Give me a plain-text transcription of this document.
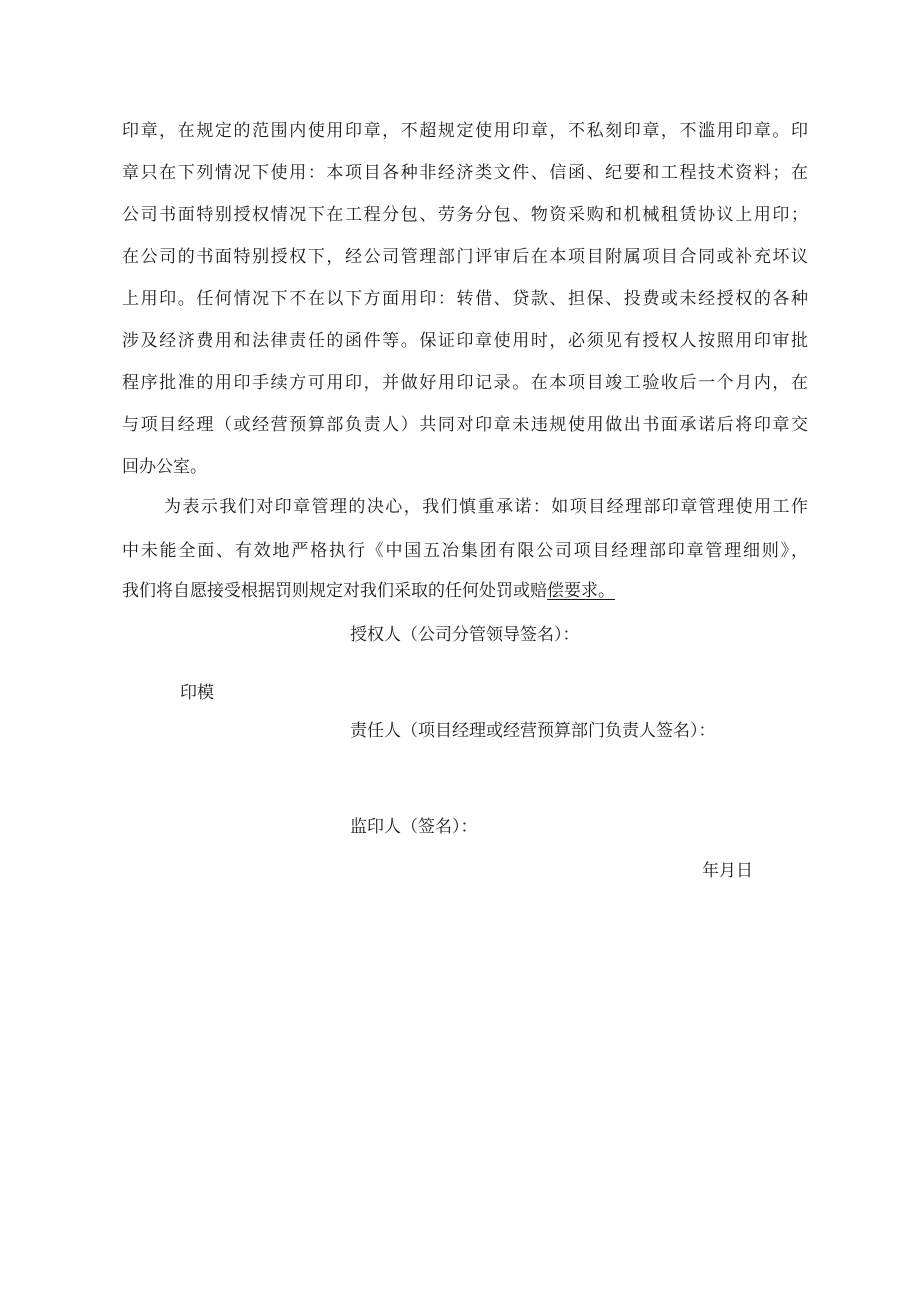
印章，在规定的范围内使用印章，不超规定使用印章，不私刻印章，不滥用印章。印
章只在下列情况下使用：本项目各种非经济类文件、信函、纪要和工程技术资料；在
公司书面特别授权情况下在工程分包、劳务分包、物资采购和机械租赁协议上用印；
在公司的书面特别授权下，经公司管理部门评审后在本项目附属项目合同或补充坏议
上用印。任何情况下不在以下方面用印：转借、贷款、担保、投费或未经授权的各种
涉及经济费用和法律责任的函件等。保证印章使用时，必须见有授权人按照用印审批
程序批准的用印手续方可用印，并做好用印记录。在本项目竣工验收后一个月内，在
与项目经理（或经营预算部负责人）共同对印章未违规使用做出书面承诺后将印章交
回办公室。
为表示我们对印章管理的决心，我们慎重承诺：如项目经理部印章管理使用工作
中未能全面、有效地严格执行《中国五冶集团有限公司项目经理部印章管理细则》，
我们将自愿接受根据罚则规定对我们采取的任何处罚或赔偿要求。
授权人（公司分管领导签名）：
印模
责任人（项目经理或经营预算部门负责人签名）：
监印人（签名）：
年月日
